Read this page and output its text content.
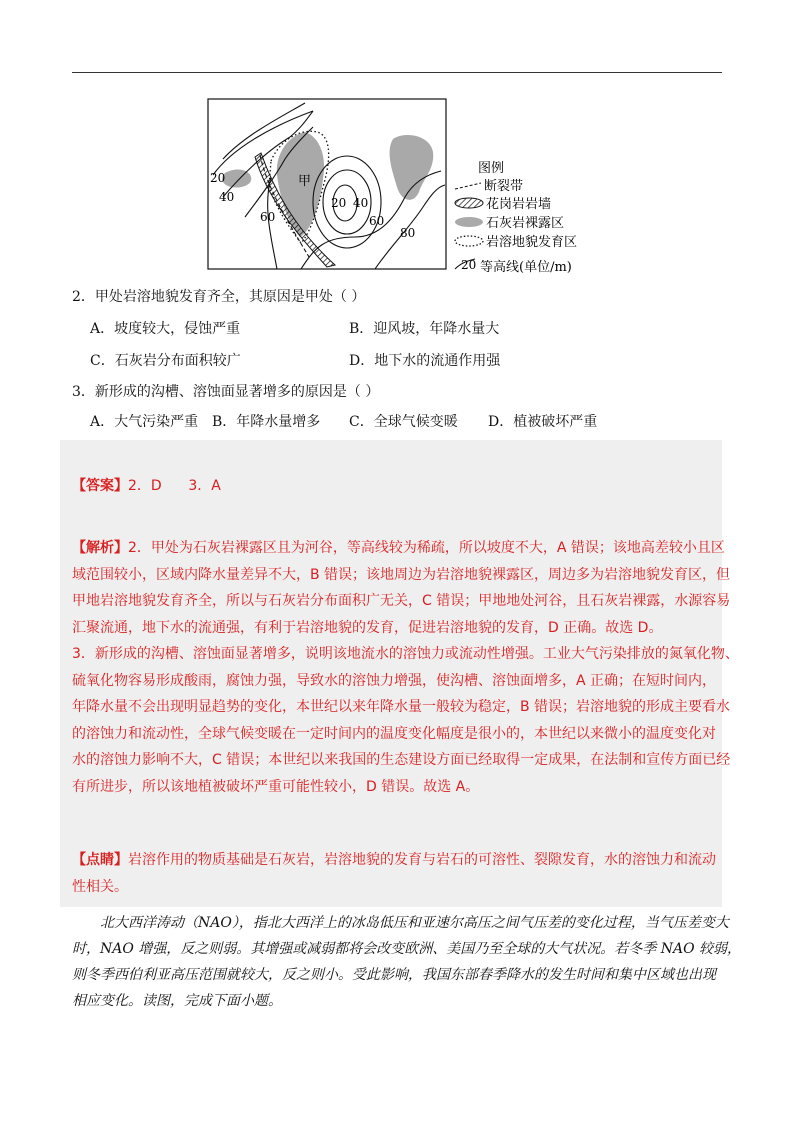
甲
20
40
60
20 40
60
80
图例
断裂带
花岗岩岩墙
石灰岩裸露区
岩溶地貌发育区
20 等高线(单位/m)
2．甲处岩溶地貌发育齐全，其原因是甲处（ ）
A．坡度较大，侵蚀严重	B．迎风坡，年降水量大
C．石灰岩分布面积较广	D．地下水的流通作用强
3．新形成的沟槽、溶蚀面显著增多的原因是（ ）
A．大气污染严重 B．年降水量增多 C．全球气候变暖 D．植被破坏严重
【答案】2．D      3．A
【解析】2．甲处为石灰岩裸露区且为河谷，等高线较为稀疏，所以坡度不大，A 错误；该地高差较小且区
域范围较小，区域内降水量差异不大，B 错误；该地周边为岩溶地貌裸露区，周边多为岩溶地貌发育区，但
甲地岩溶地貌发育齐全，所以与石灰岩分布面积广无关，C 错误；甲地地处河谷，且石灰岩裸露，水源容易
汇聚流通，地下水的流通强，有利于岩溶地貌的发育，促进岩溶地貌的发育，D 正确。故选 D。
3．新形成的沟槽、溶蚀面显著增多，说明该地流水的溶蚀力或流动性增强。工业大气污染排放的氮氧化物、
硫氧化物容易形成酸雨，腐蚀力强，导致水的溶蚀力增强，使沟槽、溶蚀面增多，A 正确；在短时间内，
年降水量不会出现明显趋势的变化，本世纪以来年降水量一般较为稳定，B 错误；岩溶地貌的形成主要看水
的溶蚀力和流动性，全球气候变暖在一定时间内的温度变化幅度是很小的，本世纪以来微小的温度变化对
水的溶蚀力影响不大，C 错误；本世纪以来我国的生态建设方面已经取得一定成果，在法制和宣传方面已经
有所进步，所以该地植被破坏严重可能性较小，D 错误。故选 A。
【点睛】岩溶作用的物质基础是石灰岩，岩溶地貌的发育与岩石的可溶性、裂隙发育，水的溶蚀力和流动
性相关。
北大西洋涛动（NAO），指北大西洋上的冰岛低压和亚速尔高压之间气压差的变化过程，当气压差变大
时，NAO 增强，反之则弱。其增强或减弱都将会改变欧洲、美国乃至全球的大气状况。若冬季 NAO 较弱，
则冬季西伯利亚高压范围就较大，反之则小。受此影响，我国东部春季降水的发生时间和集中区域也出现
相应变化。读图，完成下面小题。
